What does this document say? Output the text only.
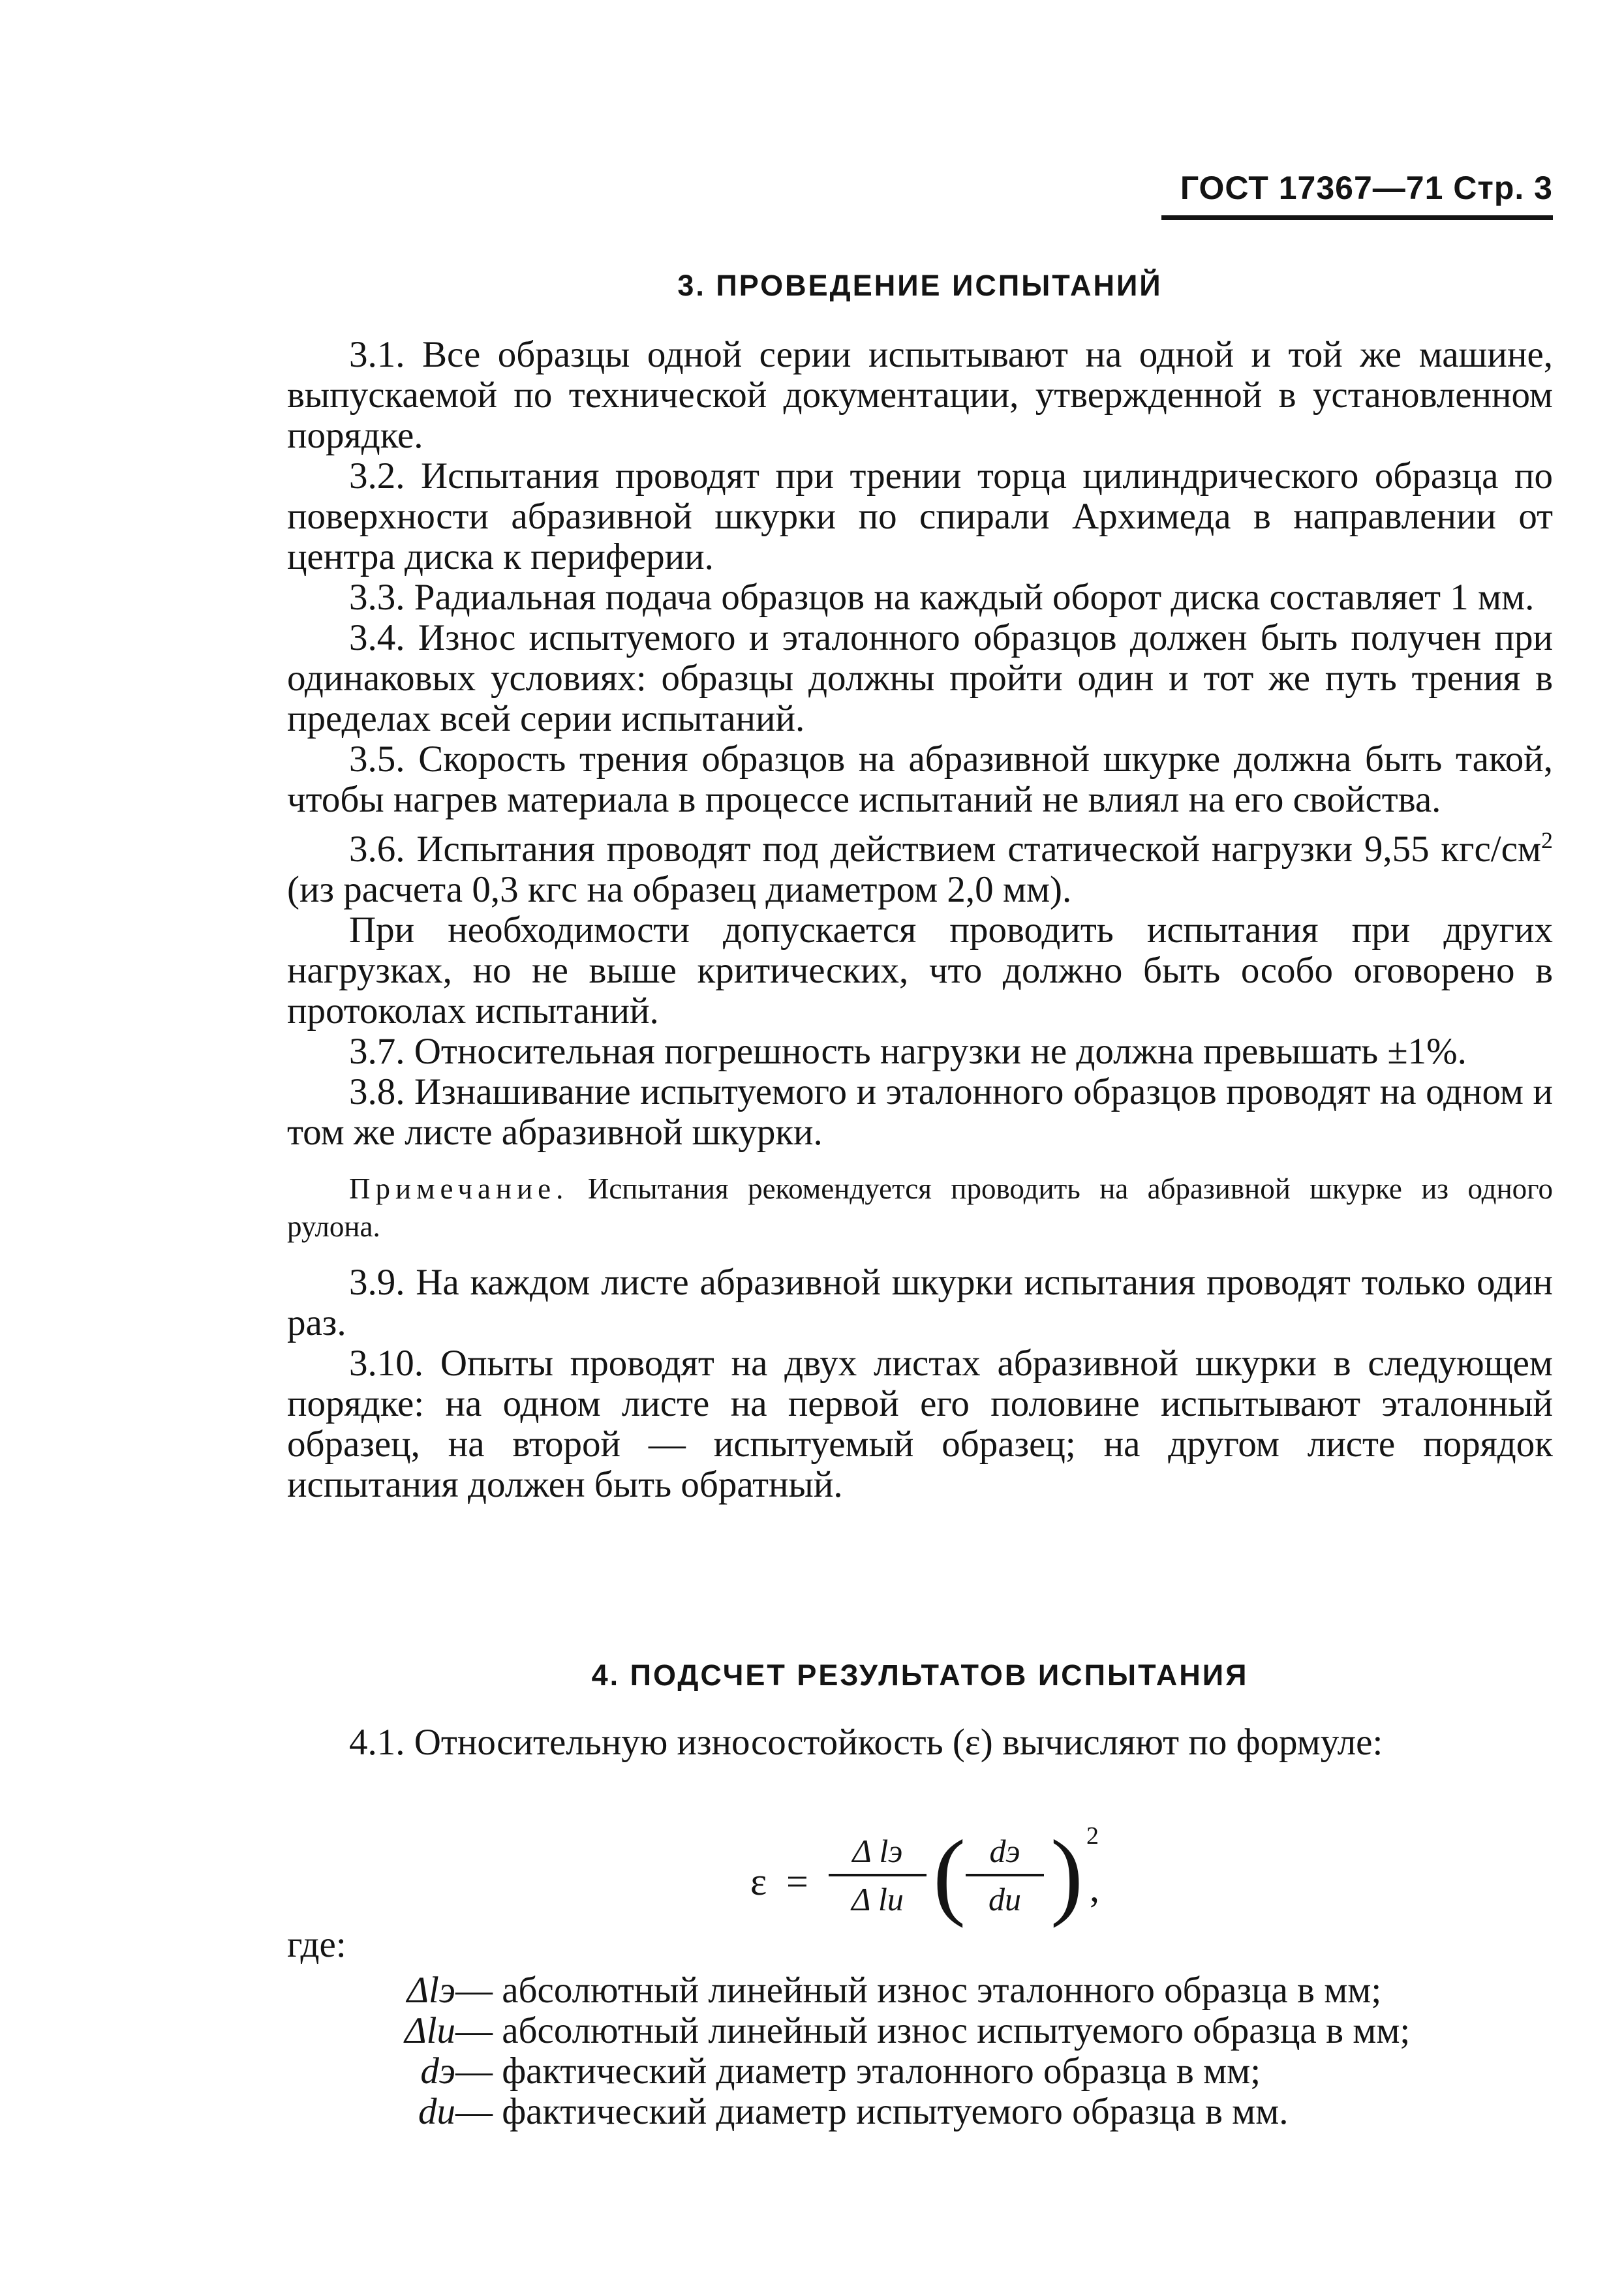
ГОСТ 17367—71 Стр. 3
3. ПРОВЕДЕНИЕ ИСПЫТАНИЙ

3.1. Все образцы одной серии испытывают на одной и той же машине, выпускаемой по технической документации, утвержденной в установленном порядке.

3.2. Испытания проводят при трении торца цилиндрического образца по поверхности абразивной шкурки по спирали Архимеда в направлении от центра диска к периферии.

3.3. Радиальная подача образцов на каждый оборот диска составляет 1 мм.

3.4. Износ испытуемого и эталонного образцов должен быть получен при одинаковых условиях: образцы должны пройти один и тот же путь трения в пределах всей серии испытаний.

3.5. Скорость трения образцов на абразивной шкурке должна быть такой, чтобы нагрев материала в процессе испытаний не влиял на его свойства.

3.6. Испытания проводят под действием статической нагрузки 9,55 кгс/$см^2$ (из расчета 0,3 кгс на образец диаметром 2,0 мм).

При необходимости допускается проводить испытания при других нагрузках, но не выше критических, что должно быть особо оговорено в протоколах испытаний.

3.7. Относительная погрешность нагрузки не должна превышать ±1%.

3.8. Изнашивание испытуемого и эталонного образцов проводят на одном и том же листе абразивной шкурки.

Примечание. Испытания рекомендуется проводить на абразивной шкурке из одного рулона.

3.9. На каждом листе абразивной шкурки испытания проводят только один раз.

3.10. Опыты проводят на двух листах абразивной шкурки в следующем порядке: на одном листе на первой его половине испытывают эталонный образец, на второй — испытуемый образец; на другом листе порядок испытания должен быть обратный.

4. ПОДСЧЕТ РЕЗУЛЬТАТОВ ИСПЫТАНИЯ

4.1. Относительную износостойкость (ε) вычисляют по формуле:

ε =
Δ lэ
Δ lи ( dэ
dи ) 2
,
где:
Δlэ — абсолютный линейный износ эталонного образца в мм;
Δlи — абсолютный линейный износ испытуемого образца в мм;
dэ — фактический диаметр эталонного образца в мм;
dи — фактический диаметр испытуемого образца в мм.
